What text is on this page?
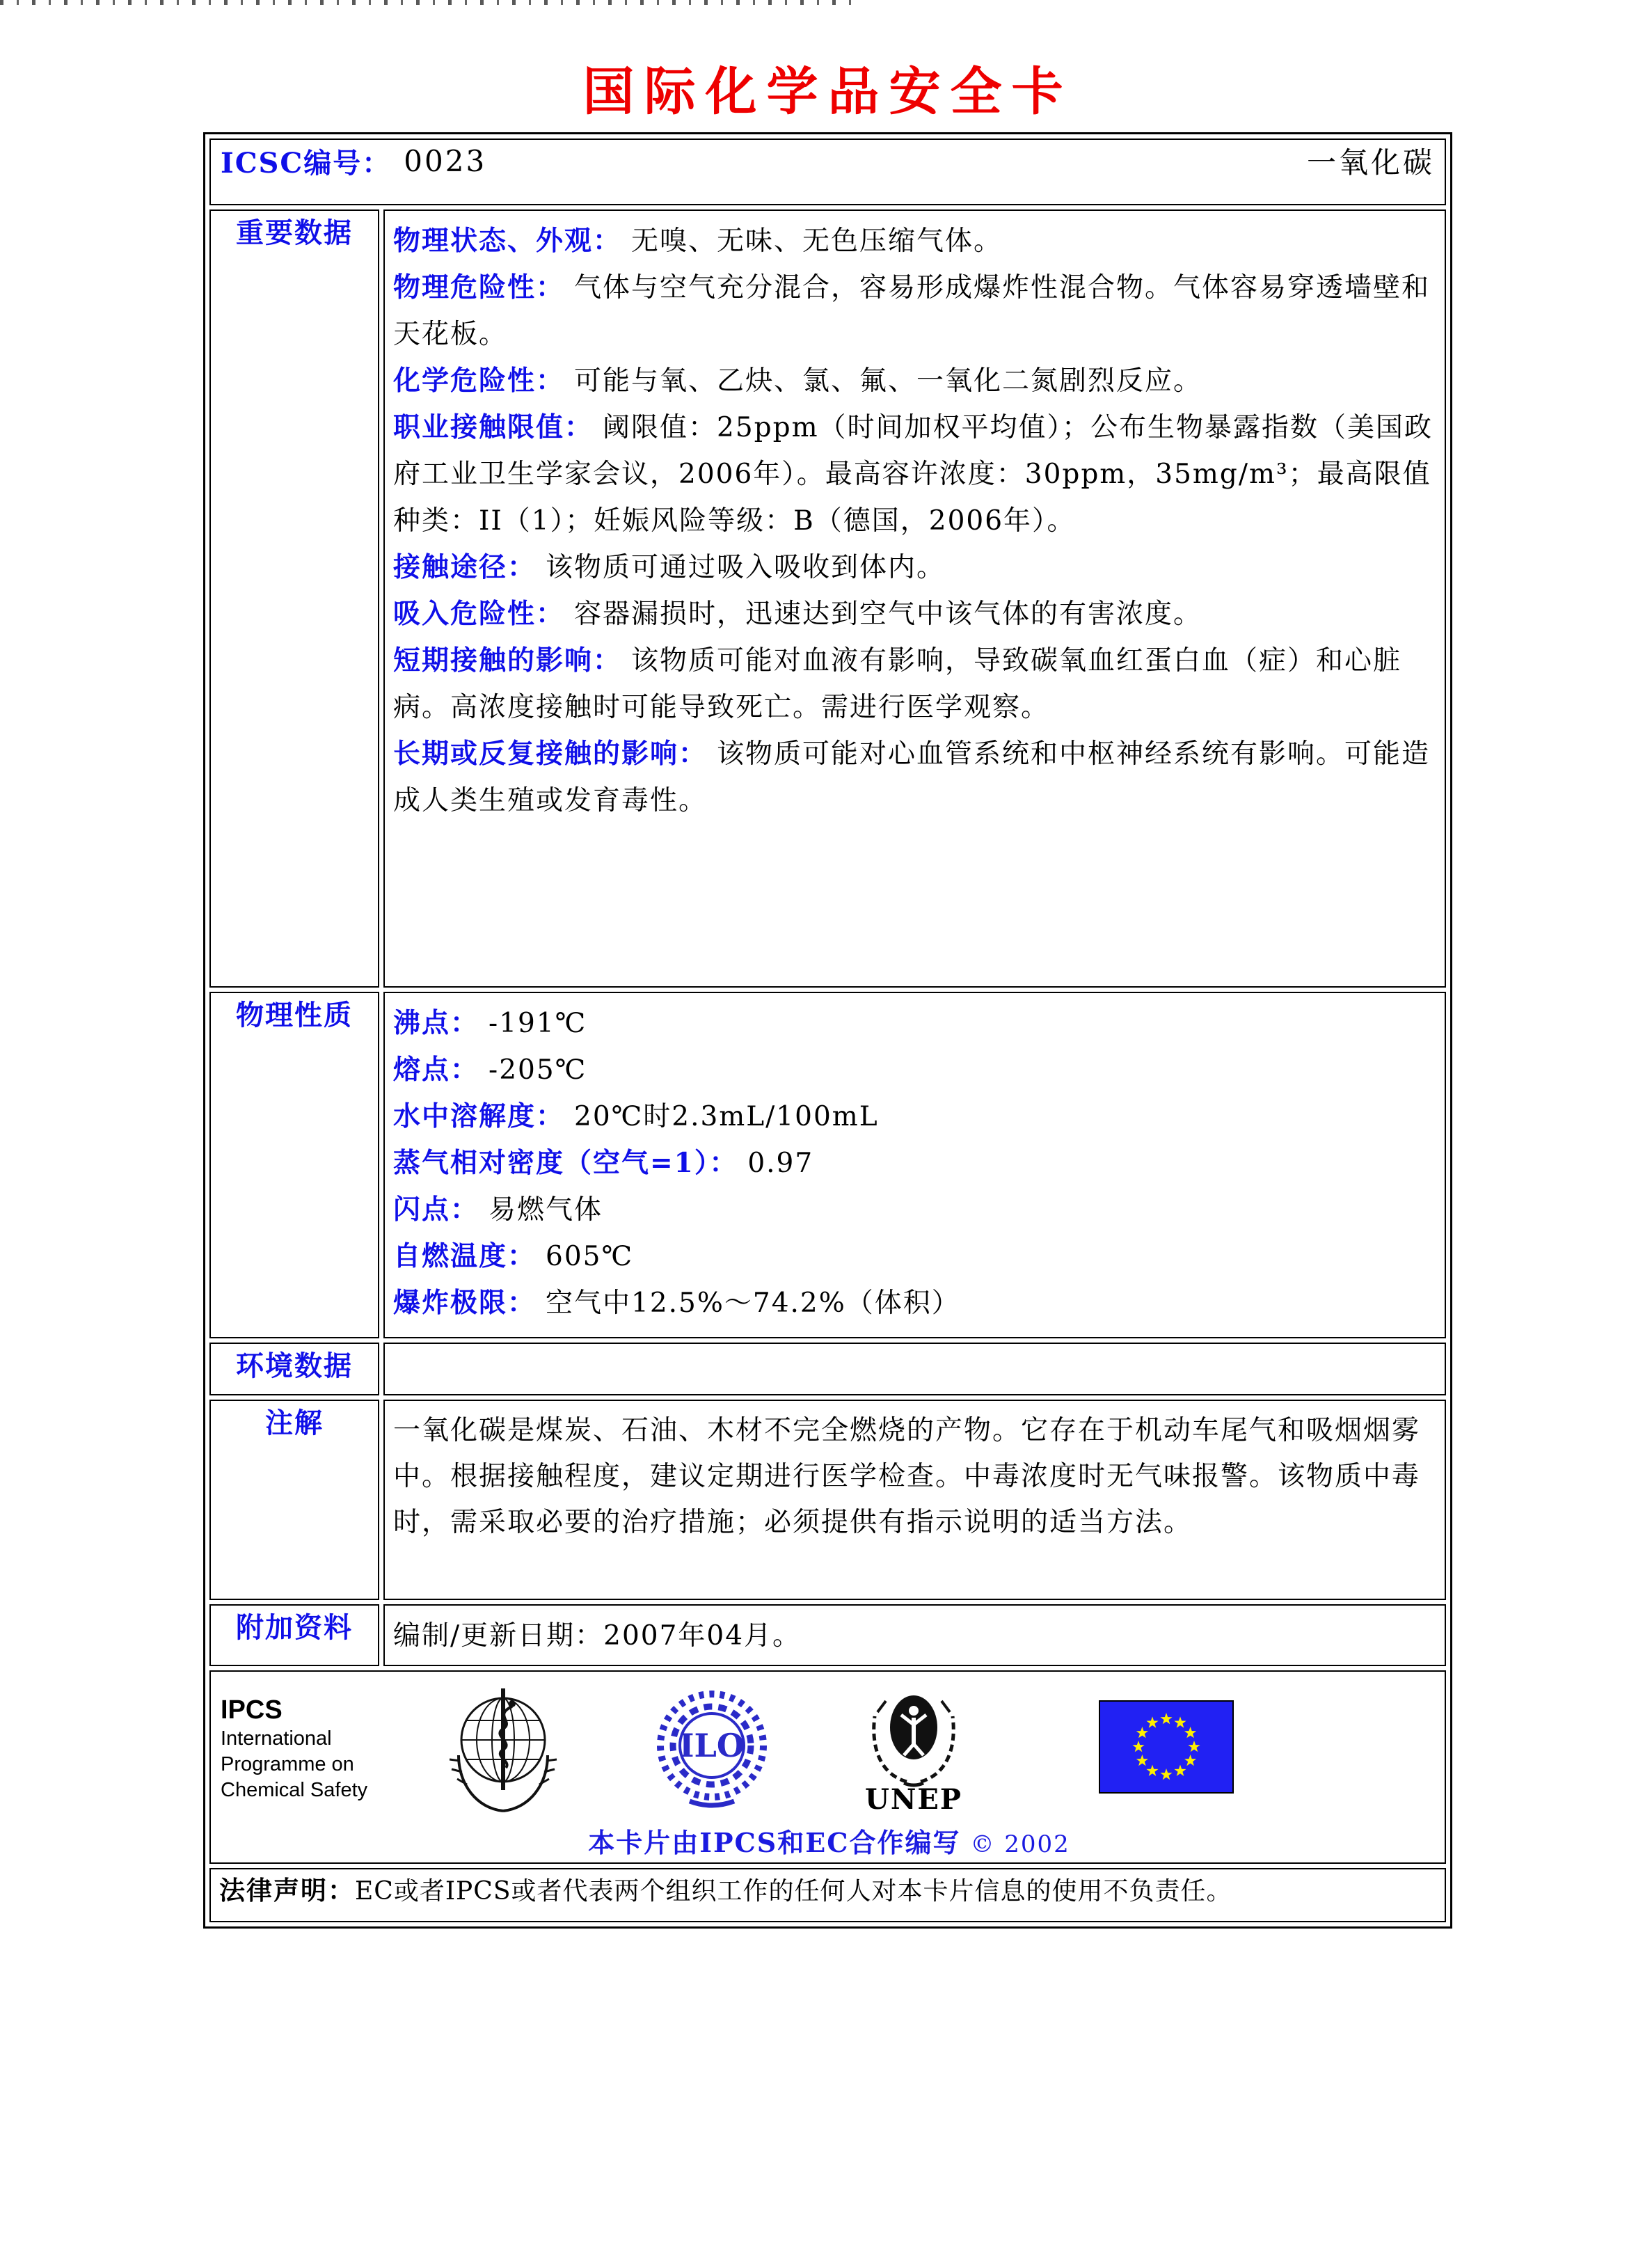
国际化学品安全卡
ICSC编号： 0023 一氧化碳	

重要数据	物理状态、外观： 无嗅、无味、无色压缩气体。

物理危险性： 气体与空气充分混合，容易形成爆炸性混合物。气体容易穿透墙壁和天花板。

化学危险性： 可能与氧、乙炔、氯、氟、一氧化二氮剧烈反应。

职业接触限值： 阈限值：25ppm（时间加权平均值）；公布生物暴露指数（美国政府工业卫生学家会议，2006年）。最高容许浓度：30ppm，35mg/m³；最高限值种类：II（1）；妊娠风险等级：B（德国，2006年）。

接触途径： 该物质可通过吸入吸收到体内。

吸入危险性： 容器漏损时，迅速达到空气中该气体的有害浓度。

短期接触的影响： 该物质可能对血液有影响，导致碳氧血红蛋白血（症）和心脏病。高浓度接触时可能导致死亡。需进行医学观察。

长期或反复接触的影响： 该物质可能对心血管系统和中枢神经系统有影响。可能造成人类生殖或发育毒性。

物理性质	沸点： -191℃

熔点： -205℃

水中溶解度： 20℃时2.3mL/100mL

蒸气相对密度（空气=1）： 0.97

闪点： 易燃气体

自燃温度： 605℃

爆炸极限： 空气中12.5%～74.2%（体积）

环境数据	
注解	一氧化碳是煤炭、石油、木材不完全燃烧的产物。它存在于机动车尾气和吸烟烟雾中。根据接触程度，建议定期进行医学检查。中毒浓度时无气味报警。该物质中毒时，需采取必要的治疗措施；必须提供有指示说明的适当方法。

附加资料	编制/更新日期：2007年04月。

IPCS
International
Programme on
Chemical Safety
ILO
UNEP
本卡片由IPCS和EC合作编写 © 2002

法律声明：EC或者IPCS或者代表两个组织工作的任何人对本卡片信息的使用不负责任。	
